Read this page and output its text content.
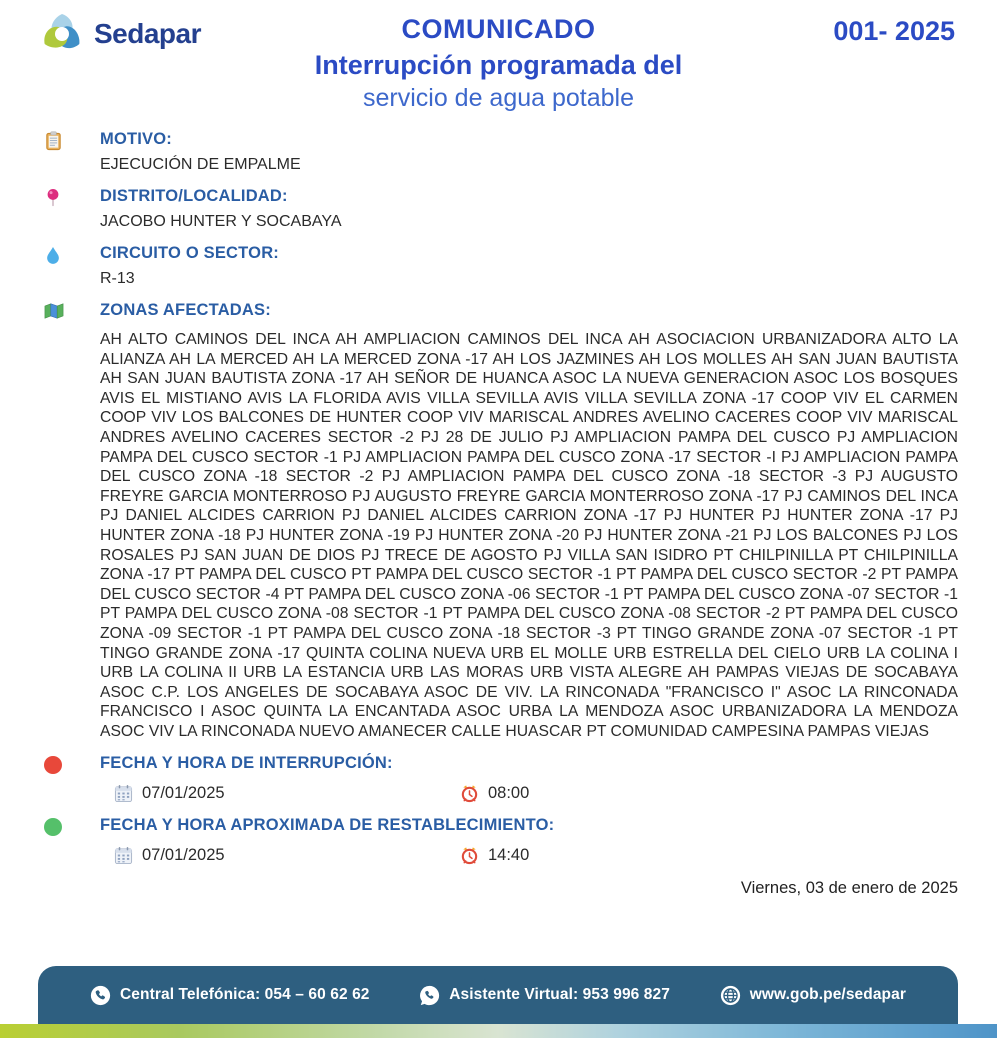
Sedapar	COMUNICADO
Interrupción programada del
servicio de agua potable
001- 2025
MOTIVO:
EJECUCIÓN DE EMPALME
DISTRITO/LOCALIDAD:
JACOBO HUNTER Y SOCABAYA
CIRCUITO O SECTOR:
R-13
ZONAS AFECTADAS:
AH ALTO CAMINOS DEL INCA AH AMPLIACION CAMINOS DEL INCA AH ASOCIACION URBANIZADORA ALTO LA ALIANZA AH LA MERCED AH LA MERCED ZONA -17 AH LOS JAZMINES AH LOS MOLLES AH SAN JUAN BAUTISTA AH SAN JUAN BAUTISTA ZONA -17 AH SEÑOR DE HUANCA ASOC LA NUEVA GENERACION ASOC LOS BOSQUES AVIS EL MISTIANO AVIS LA FLORIDA AVIS VILLA SEVILLA AVIS VILLA SEVILLA ZONA -17 COOP VIV EL CARMEN COOP VIV LOS BALCONES DE HUNTER COOP VIV MARISCAL ANDRES AVELINO CACERES COOP VIV MARISCAL ANDRES AVELINO CACERES SECTOR -2 PJ 28 DE JULIO PJ AMPLIACION PAMPA DEL CUSCO PJ AMPLIACION PAMPA DEL CUSCO SECTOR -1 PJ AMPLIACION PAMPA DEL CUSCO ZONA -17 SECTOR -I PJ AMPLIACION PAMPA DEL CUSCO ZONA -18 SECTOR -2 PJ AMPLIACION PAMPA DEL CUSCO ZONA -18 SECTOR -3 PJ AUGUSTO FREYRE GARCIA MONTERROSO PJ AUGUSTO FREYRE GARCIA MONTERROSO ZONA -17 PJ CAMINOS DEL INCA PJ DANIEL ALCIDES CARRION PJ DANIEL ALCIDES CARRION ZONA -17 PJ HUNTER PJ HUNTER ZONA -17 PJ HUNTER ZONA -18 PJ HUNTER ZONA -19 PJ HUNTER ZONA -20 PJ HUNTER ZONA -21 PJ LOS BALCONES PJ LOS ROSALES PJ SAN JUAN DE DIOS PJ TRECE DE AGOSTO PJ VILLA SAN ISIDRO PT CHILPINILLA PT CHILPINILLA ZONA -17 PT PAMPA DEL CUSCO PT PAMPA DEL CUSCO SECTOR -1 PT PAMPA DEL CUSCO SECTOR -2 PT PAMPA DEL CUSCO SECTOR -4 PT PAMPA DEL CUSCO ZONA -06 SECTOR -1 PT PAMPA DEL CUSCO ZONA -07 SECTOR -1 PT PAMPA DEL CUSCO ZONA -08 SECTOR -1 PT PAMPA DEL CUSCO ZONA -08 SECTOR -2 PT PAMPA DEL CUSCO ZONA -09 SECTOR -1 PT PAMPA DEL CUSCO ZONA -18 SECTOR -3 PT TINGO GRANDE ZONA -07 SECTOR -1 PT TINGO GRANDE ZONA -17 QUINTA COLINA NUEVA URB EL MOLLE URB ESTRELLA DEL CIELO URB LA COLINA I URB LA COLINA II URB LA ESTANCIA URB LAS MORAS URB VISTA ALEGRE AH PAMPAS VIEJAS DE SOCABAYA ASOC C.P. LOS ANGELES DE SOCABAYA ASOC DE VIV. LA RINCONADA "FRANCISCO I" ASOC LA RINCONADA FRANCISCO I ASOC QUINTA LA ENCANTADA ASOC URBA LA MENDOZA ASOC URBANIZADORA LA MENDOZA ASOC VIV LA RINCONADA NUEVO AMANECER CALLE HUASCAR PT COMUNIDAD CAMPESINA PAMPAS VIEJAS
FECHA Y HORA DE INTERRUPCIÓN:
07/01/2025	08:00
FECHA Y HORA APROXIMADA DE RESTABLECIMIENTO:
07/01/2025	14:40
Viernes, 03 de enero de 2025
Central Telefónica: 054 – 60 62 62	Asistente Virtual: 953 996 827	www.gob.pe/sedapar
